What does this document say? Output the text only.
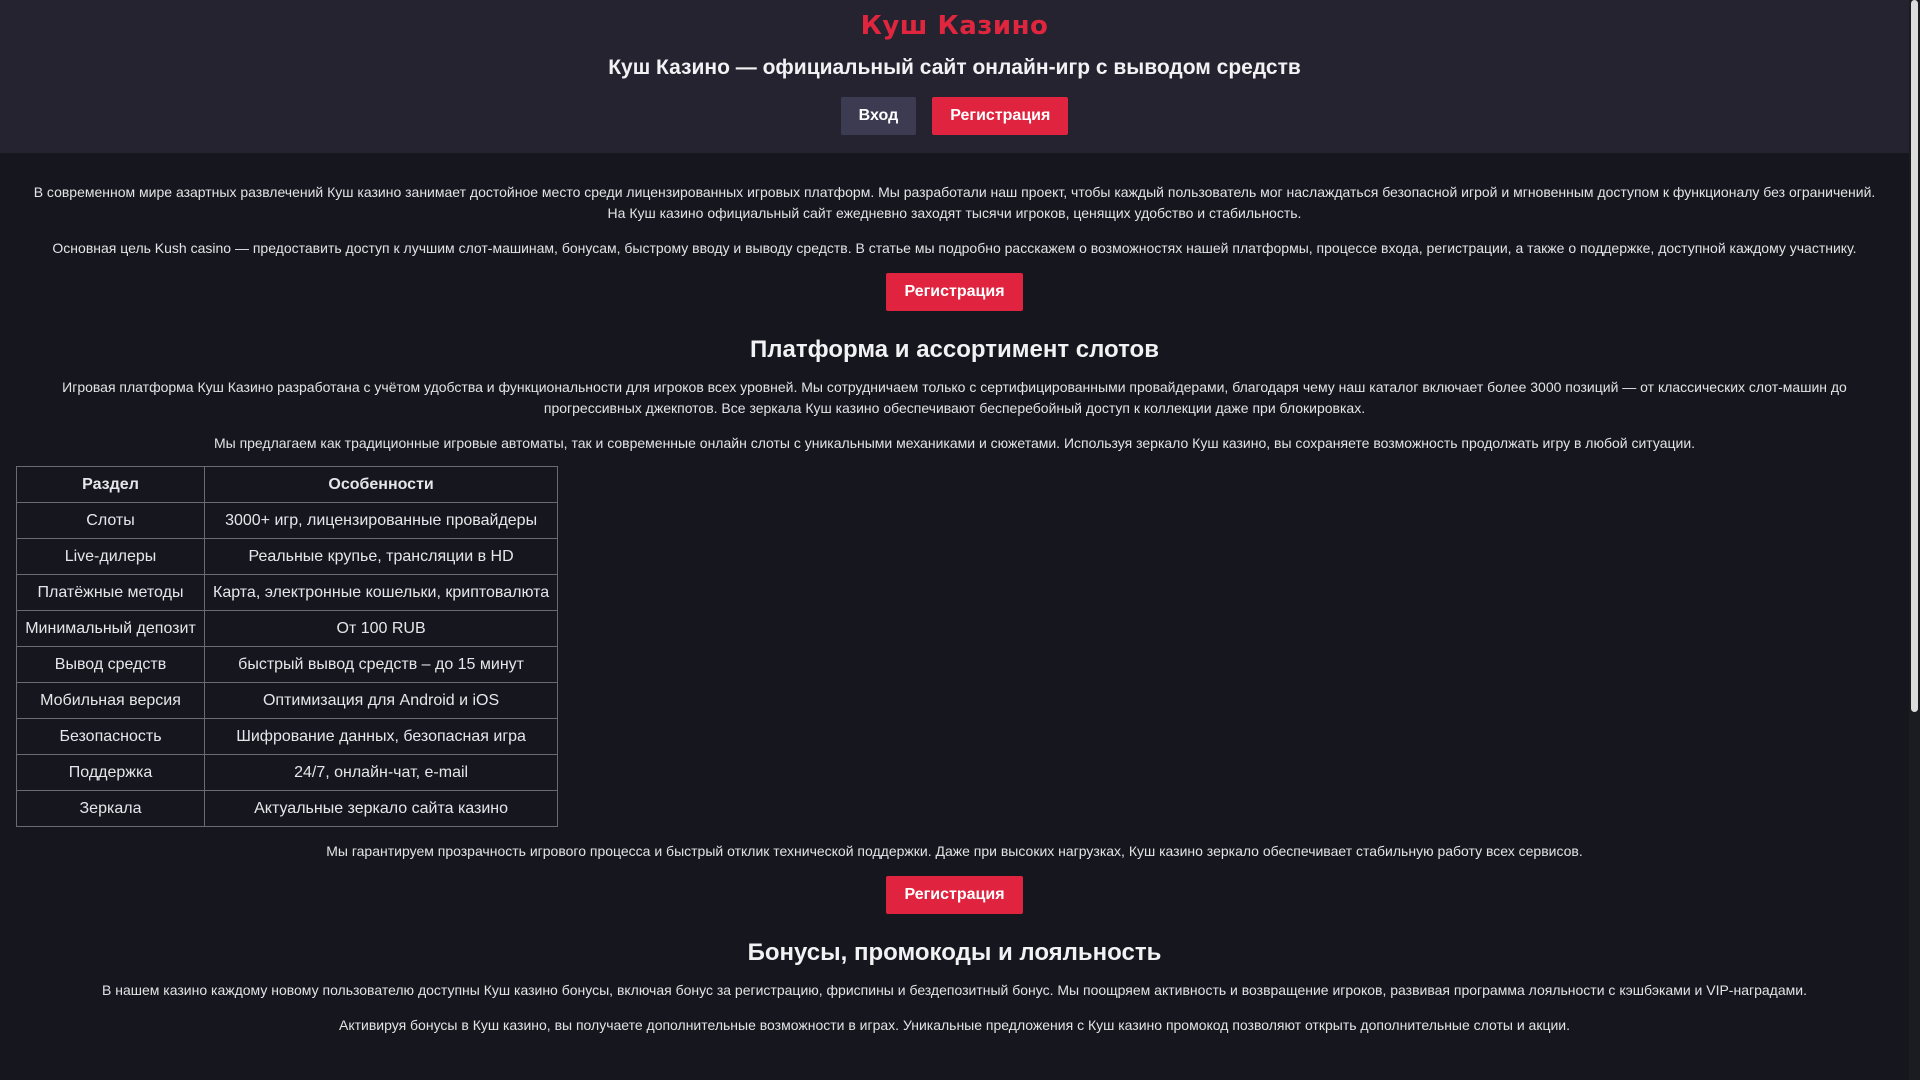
Куш Казино
Куш Казино — официальный сайт онлайн-игр с выводом средств
Вход	Регистрация

В современном мире азартных развлечений Куш казино занимает достойное место среди лицензированных игровых платформ. Мы разработали наш проект, чтобы каждый пользователь мог наслаждаться безопасной игрой и мгновенным доступом к функционалу без ограничений.
На Куш казино официальный сайт ежедневно заходят тысячи игроков, ценящих удобство и стабильность.

Основная цель Kush casino — предоставить доступ к лучшим слот-машинам, бонусам, быстрому вводу и выводу средств. В статье мы подробно расскажем о возможностях нашей платформы, процессе входа, регистрации, а также о поддержке, доступной каждому участнику.

Регистрация
Платформа и ассортимент слотов

Игровая платформа Куш Казино разработана с учётом удобства и функциональности для игроков всех уровней. Мы сотрудничаем только с сертифицированными провайдерами, благодаря чему наш каталог включает более 3000 позиций — от классических слот-машин до
прогрессивных джекпотов. Все зеркала Куш казино обеспечивают бесперебойный доступ к коллекции даже при блокировках.

Мы предлагаем как традиционные игровые автоматы, так и современные онлайн слоты с уникальными механиками и сюжетами. Используя зеркало Куш казино, вы сохраняете возможность продолжать игру в любой ситуации.

Раздел	Особенности
Слоты	3000+ игр, лицензированные провайдеры
Live-дилеры	Реальные крупье, трансляции в HD
Платёжные методы	Карта, электронные кошельки, криптовалюта
Минимальный депозит	От 100 RUB
Вывод средств	быстрый вывод средств – до 15 минут
Мобильная версия	Оптимизация для Android и iOS
Безопасность	Шифрование данных, безопасная игра
Поддержка	24/7, онлайн-чат, e-mail
Зеркала	Актуальные зеркало сайта казино

Мы гарантируем прозрачность игрового процесса и быстрый отклик технической поддержки. Даже при высоких нагрузках, Куш казино зеркало обеспечивает стабильную работу всех сервисов.

Регистрация
Бонусы, промокоды и лояльность

В нашем казино каждому новому пользователю доступны Куш казино бонусы, включая бонус за регистрацию, фриспины и бездепозитный бонус. Мы поощряем активность и возвращение игроков, развивая программа лояльности с кэшбэками и VIP-наградами.

Активируя бонусы в Куш казино, вы получаете дополнительные возможности в играх. Уникальные предложения с Куш казино промокод позволяют открыть дополнительные слоты и акции.
